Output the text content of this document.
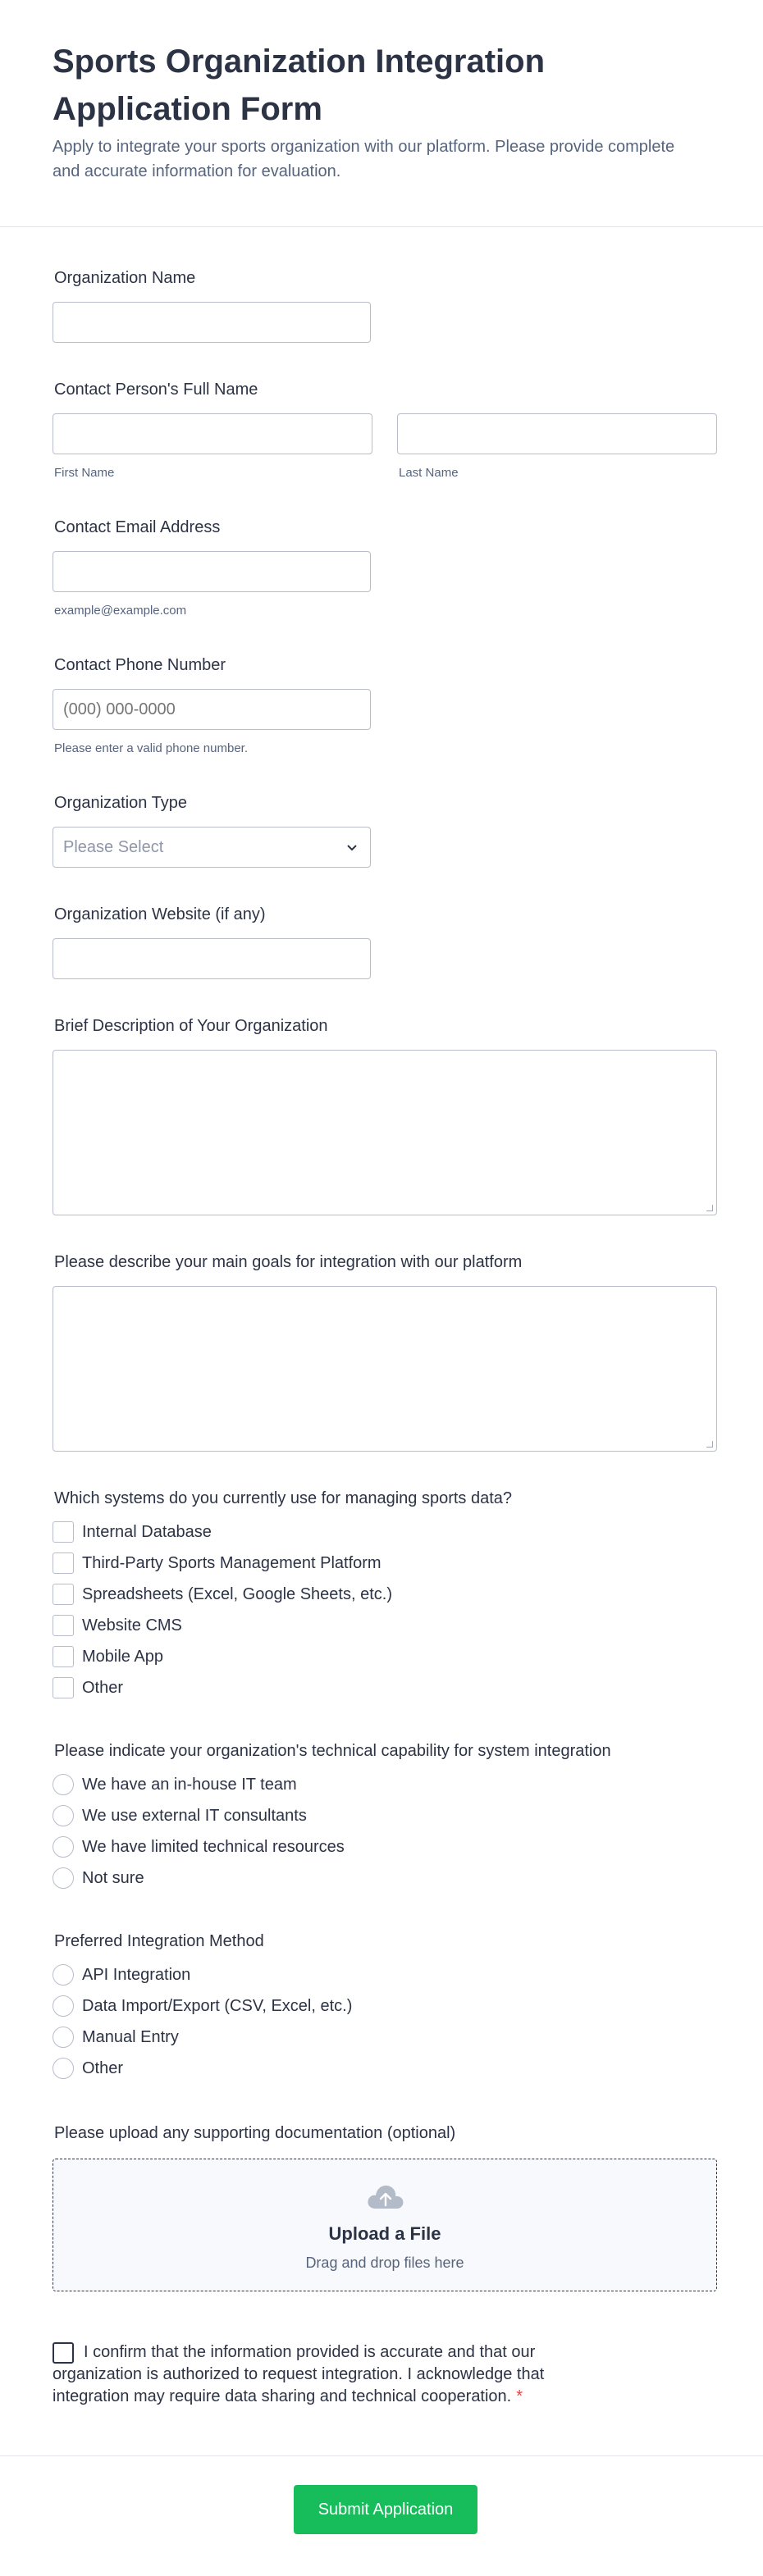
Sports Organization Integration Application Form

Apply to integrate your sports organization with our platform. Please provide complete and accurate information for evaluation.

Organization Name
Contact Person's Full Name
First Name	Last Name
Contact Email Address
example@example.com
Contact Phone Number
(000) 000-0000
Please enter a valid phone number.
Organization Type
Please Select
Organization Website (if any)
Brief Description of Your Organization
Please describe your main goals for integration with our platform
Which systems do you currently use for managing sports data?
Internal Database
Third-Party Sports Management Platform
Spreadsheets (Excel, Google Sheets, etc.)
Website CMS
Mobile App
Other
Please indicate your organization's technical capability for system integration
We have an in-house IT team
We use external IT consultants
We have limited technical resources
Not sure
Preferred Integration Method
API Integration
Data Import/Export (CSV, Excel, etc.)
Manual Entry
Other
Please upload any supporting documentation (optional)
Upload a File
Drag and drop files here
I confirm that the information provided is accurate and that our organization is authorized to request integration. I acknowledge that integration may require data sharing and technical cooperation. *
Submit Application
